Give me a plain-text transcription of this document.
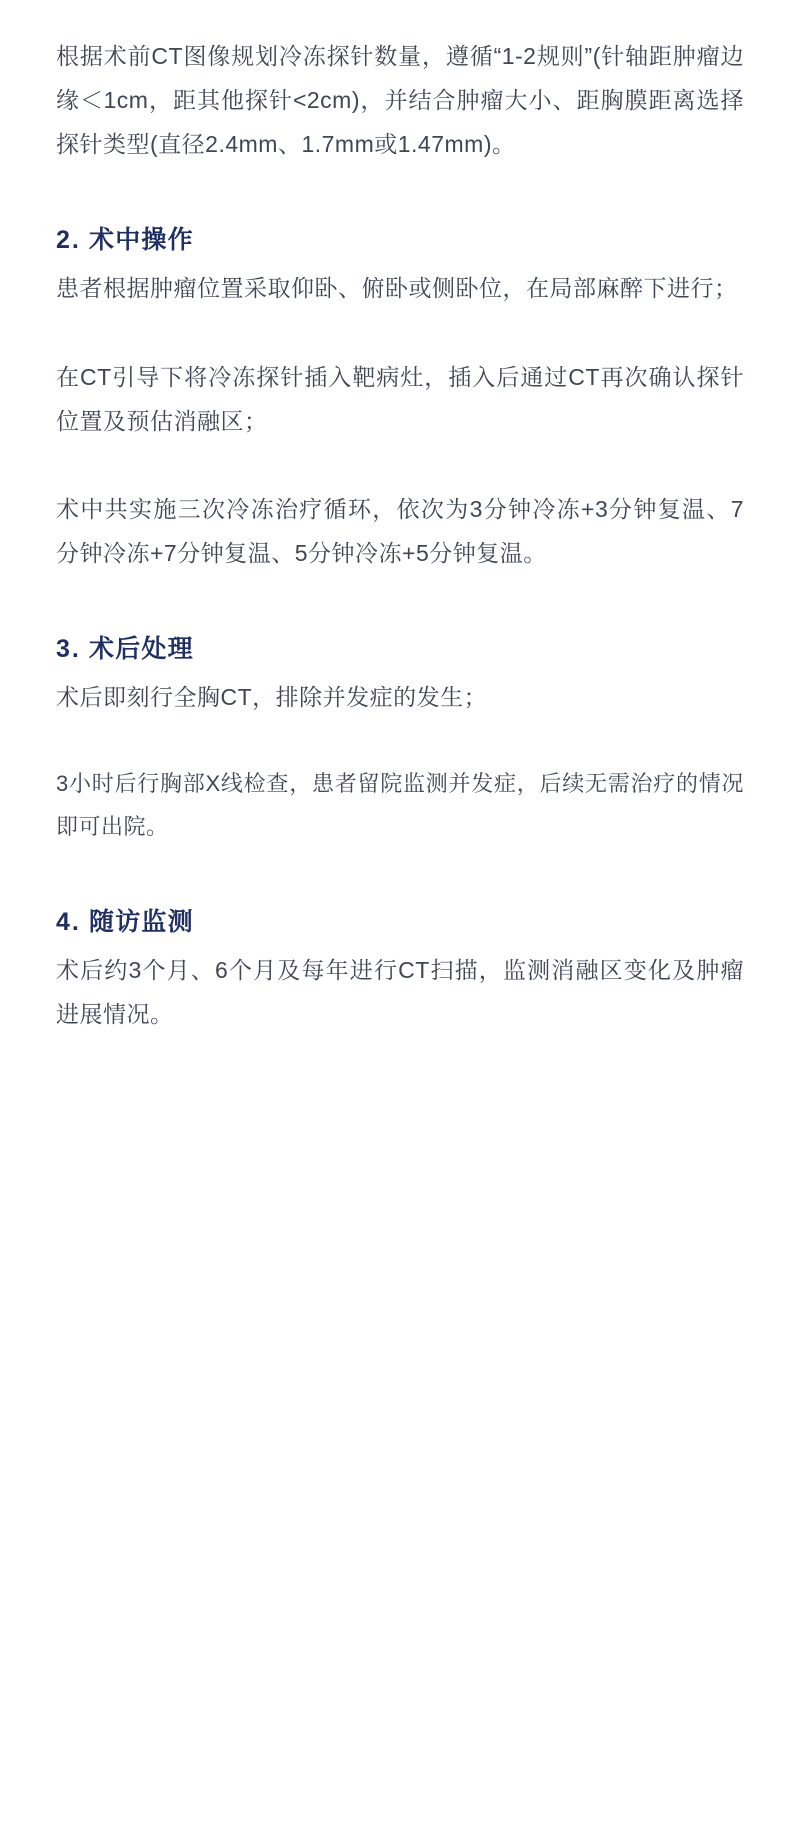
根据术前CT图像规划冷冻探针数量，遵循“1-2规则”(针轴距肿瘤边缘＜1cm，距其他探针<2cm)，并结合肿瘤大小、距胸膜距离选择探针类型(直径2.4mm、1.7mm或1.47mm)。

2. 术中操作

患者根据肿瘤位置采取仰卧、俯卧或侧卧位，在局部麻醉下进行；

在CT引导下将冷冻探针插入靶病灶，插入后通过CT再次确认探针位置及预估消融区；

术中共实施三次冷冻治疗循环，依次为3分钟冷冻+3分钟复温、7分钟冷冻+7分钟复温、5分钟冷冻+5分钟复温。

3. 术后处理

术后即刻行全胸CT，排除并发症的发生；

3小时后行胸部X线检查，患者留院监测并发症，后续无需治疗的情况即可出院。

4. 随访监测

术后约3个月、6个月及每年进行CT扫描，监测消融区变化及肿瘤进展情况。
